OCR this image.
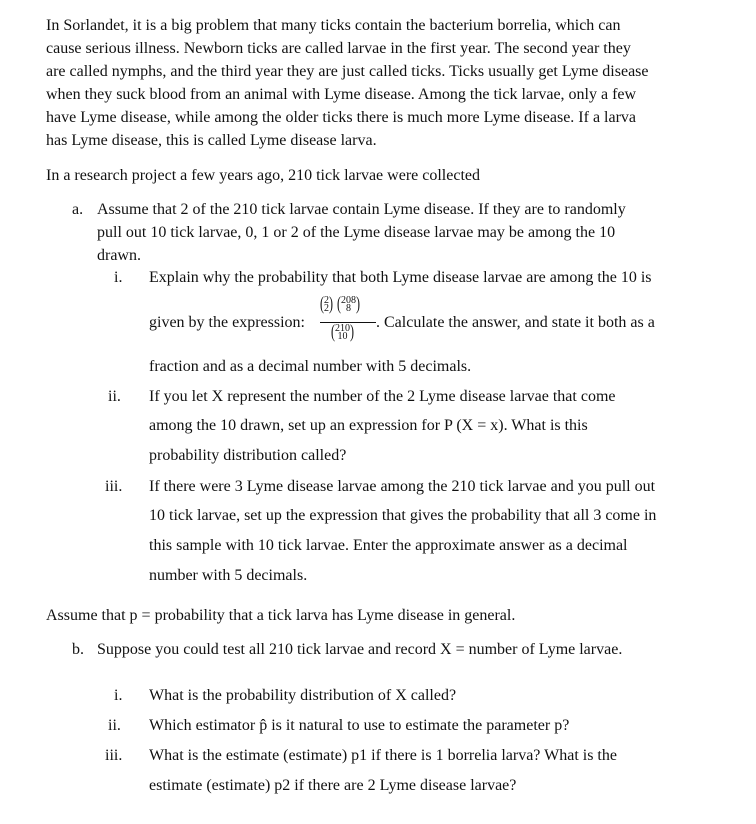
In Sorlandet, it is a big problem that many ticks contain the bacterium borrelia, which can
cause serious illness. Newborn ticks are called larvae in the first year. The second year they
are called nymphs, and the third year they are just called ticks. Ticks usually get Lyme disease
when they suck blood from an animal with Lyme disease. Among the tick larvae, only a few
have Lyme disease, while among the older ticks there is much more Lyme disease. If a larva
has Lyme disease, this is called Lyme disease larva.
In a research project a few years ago, 210 tick larvae were collected
a. Assume that 2 of the 210 tick larvae contain Lyme disease. If they are to randomly
pull out 10 tick larvae, 0, 1 or 2 of the Lyme disease larvae may be among the 10
drawn.
i. Explain why the probability that both Lyme disease larvae are among the 10 is
given by the expression:
( 2
2 ) ( 208
8 )
( 210
10 ) . Calculate the answer, and state it both as a
fraction and as a decimal number with 5 decimals.
ii. If you let X represent the number of the 2 Lyme disease larvae that come
among the 10 drawn, set up an expression for P (X = x). What is this
probability distribution called?
iii. If there were 3 Lyme disease larvae among the 210 tick larvae and you pull out
10 tick larvae, set up the expression that gives the probability that all 3 come in
this sample with 10 tick larvae. Enter the approximate answer as a decimal
number with 5 decimals.
Assume that p = probability that a tick larva has Lyme disease in general.
b. Suppose you could test all 210 tick larvae and record X = number of Lyme larvae.
i. What is the probability distribution of X called?
ii. Which estimator p̂ is it natural to use to estimate the parameter p?
iii. What is the estimate (estimate) p1 if there is 1 borrelia larva? What is the
estimate (estimate) p2 if there are 2 Lyme disease larvae?
